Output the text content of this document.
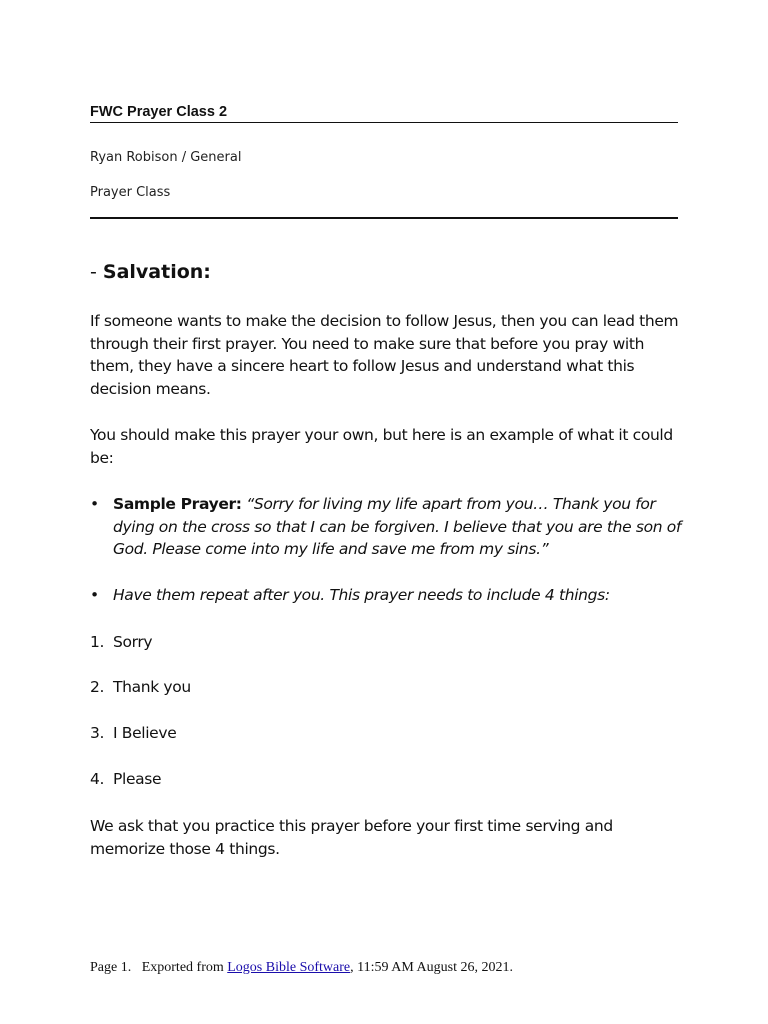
FWC Prayer Class 2
Ryan Robison / General
Prayer Class
- Salvation:

If someone wants to make the decision to follow Jesus, then you can lead them through their first prayer. You need to make sure that before you pray with them, they have a sincere heart to follow Jesus and understand what this decision means.

You should make this prayer your own, but here is an example of what it could be:

• Sample Prayer: “Sorry for living my life apart from you… Thank you for dying on the cross so that I can be forgiven. I believe that you are the son of God. Please come into my life and save me from my sins.”
• Have them repeat after you. This prayer needs to include 4 things:
1. Sorry
2. Thank you
3. I Believe
4. Please

We ask that you practice this prayer before your first time serving and memorize those 4 things.

Page 1. Exported from Logos Bible Software, 11:59 AM August 26, 2021.
